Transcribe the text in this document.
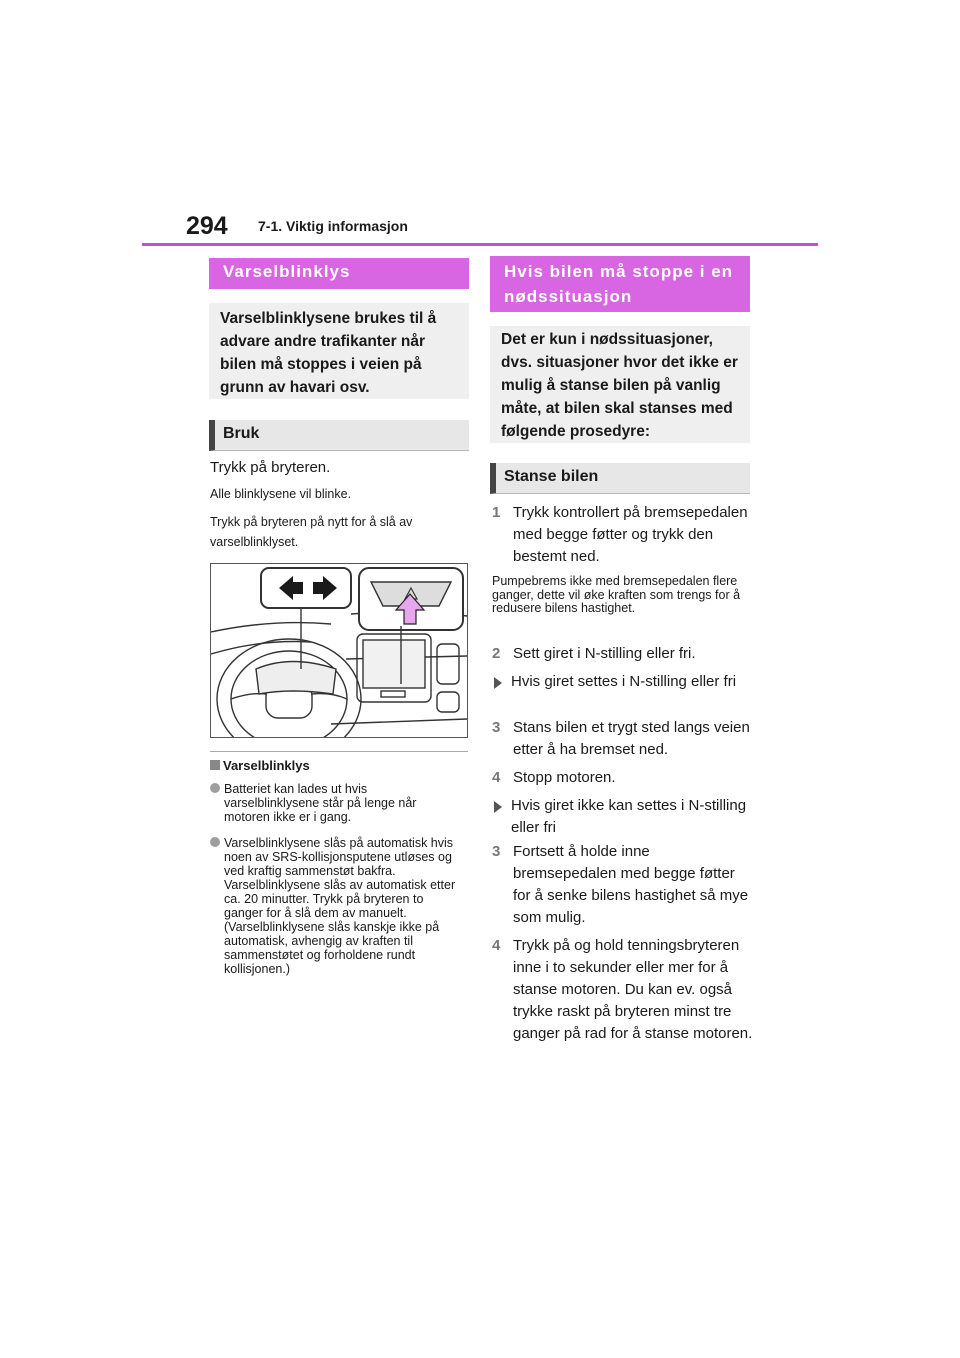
294 7-1. Viktig informasjon
Varselblinklys
Varselblinklysene brukes til å advare andre trafikanter når bilen må stoppes i veien på grunn av havari osv.
Bruk
Trykk på bryteren.
Alle blinklysene vil blinke.
Trykk på bryteren på nytt for å slå av varselblinklyset.
Varselblinklys
Batteriet kan lades ut hvis varselblinklysene står på lenge når motoren ikke er i gang.
Varselblinklysene slås på automatisk hvis noen av SRS-kollisjonsputene utløses og ved kraftig sammenstøt bakfra. Varselblinklysene slås av automatisk etter ca. 20 minutter. Trykk på bryteren to ganger for å slå dem av manuelt. (Varselblinklysene slås kanskje ikke på automatisk, avhengig av kraften til sammenstøtet og forholdene rundt kollisjonen.)
Hvis bilen må stoppe i en nødssituasjon
Det er kun i nødssituasjoner, dvs. situasjoner hvor det ikke er mulig å stanse bilen på vanlig måte, at bilen skal stanses med følgende prosedyre:
Stanse bilen
1 Trykk kontrollert på bremsepedalen med begge føtter og trykk den bestemt ned.
Pumpebrems ikke med bremsepedalen flere ganger, dette vil øke kraften som trengs for å redusere bilens hastighet.
2 Sett giret i N-stilling eller fri.
Hvis giret settes i N-stilling eller fri
3 Stans bilen et trygt sted langs veien etter å ha bremset ned.
4 Stopp motoren.
Hvis giret ikke kan settes i N-stilling eller fri
3 Fortsett å holde inne bremsepedalen med begge føtter for å senke bilens hastighet så mye som mulig.
4 Trykk på og hold tenningsbryteren inne i to sekunder eller mer for å stanse motoren. Du kan ev. også trykke raskt på bryteren minst tre ganger på rad for å stanse motoren.
